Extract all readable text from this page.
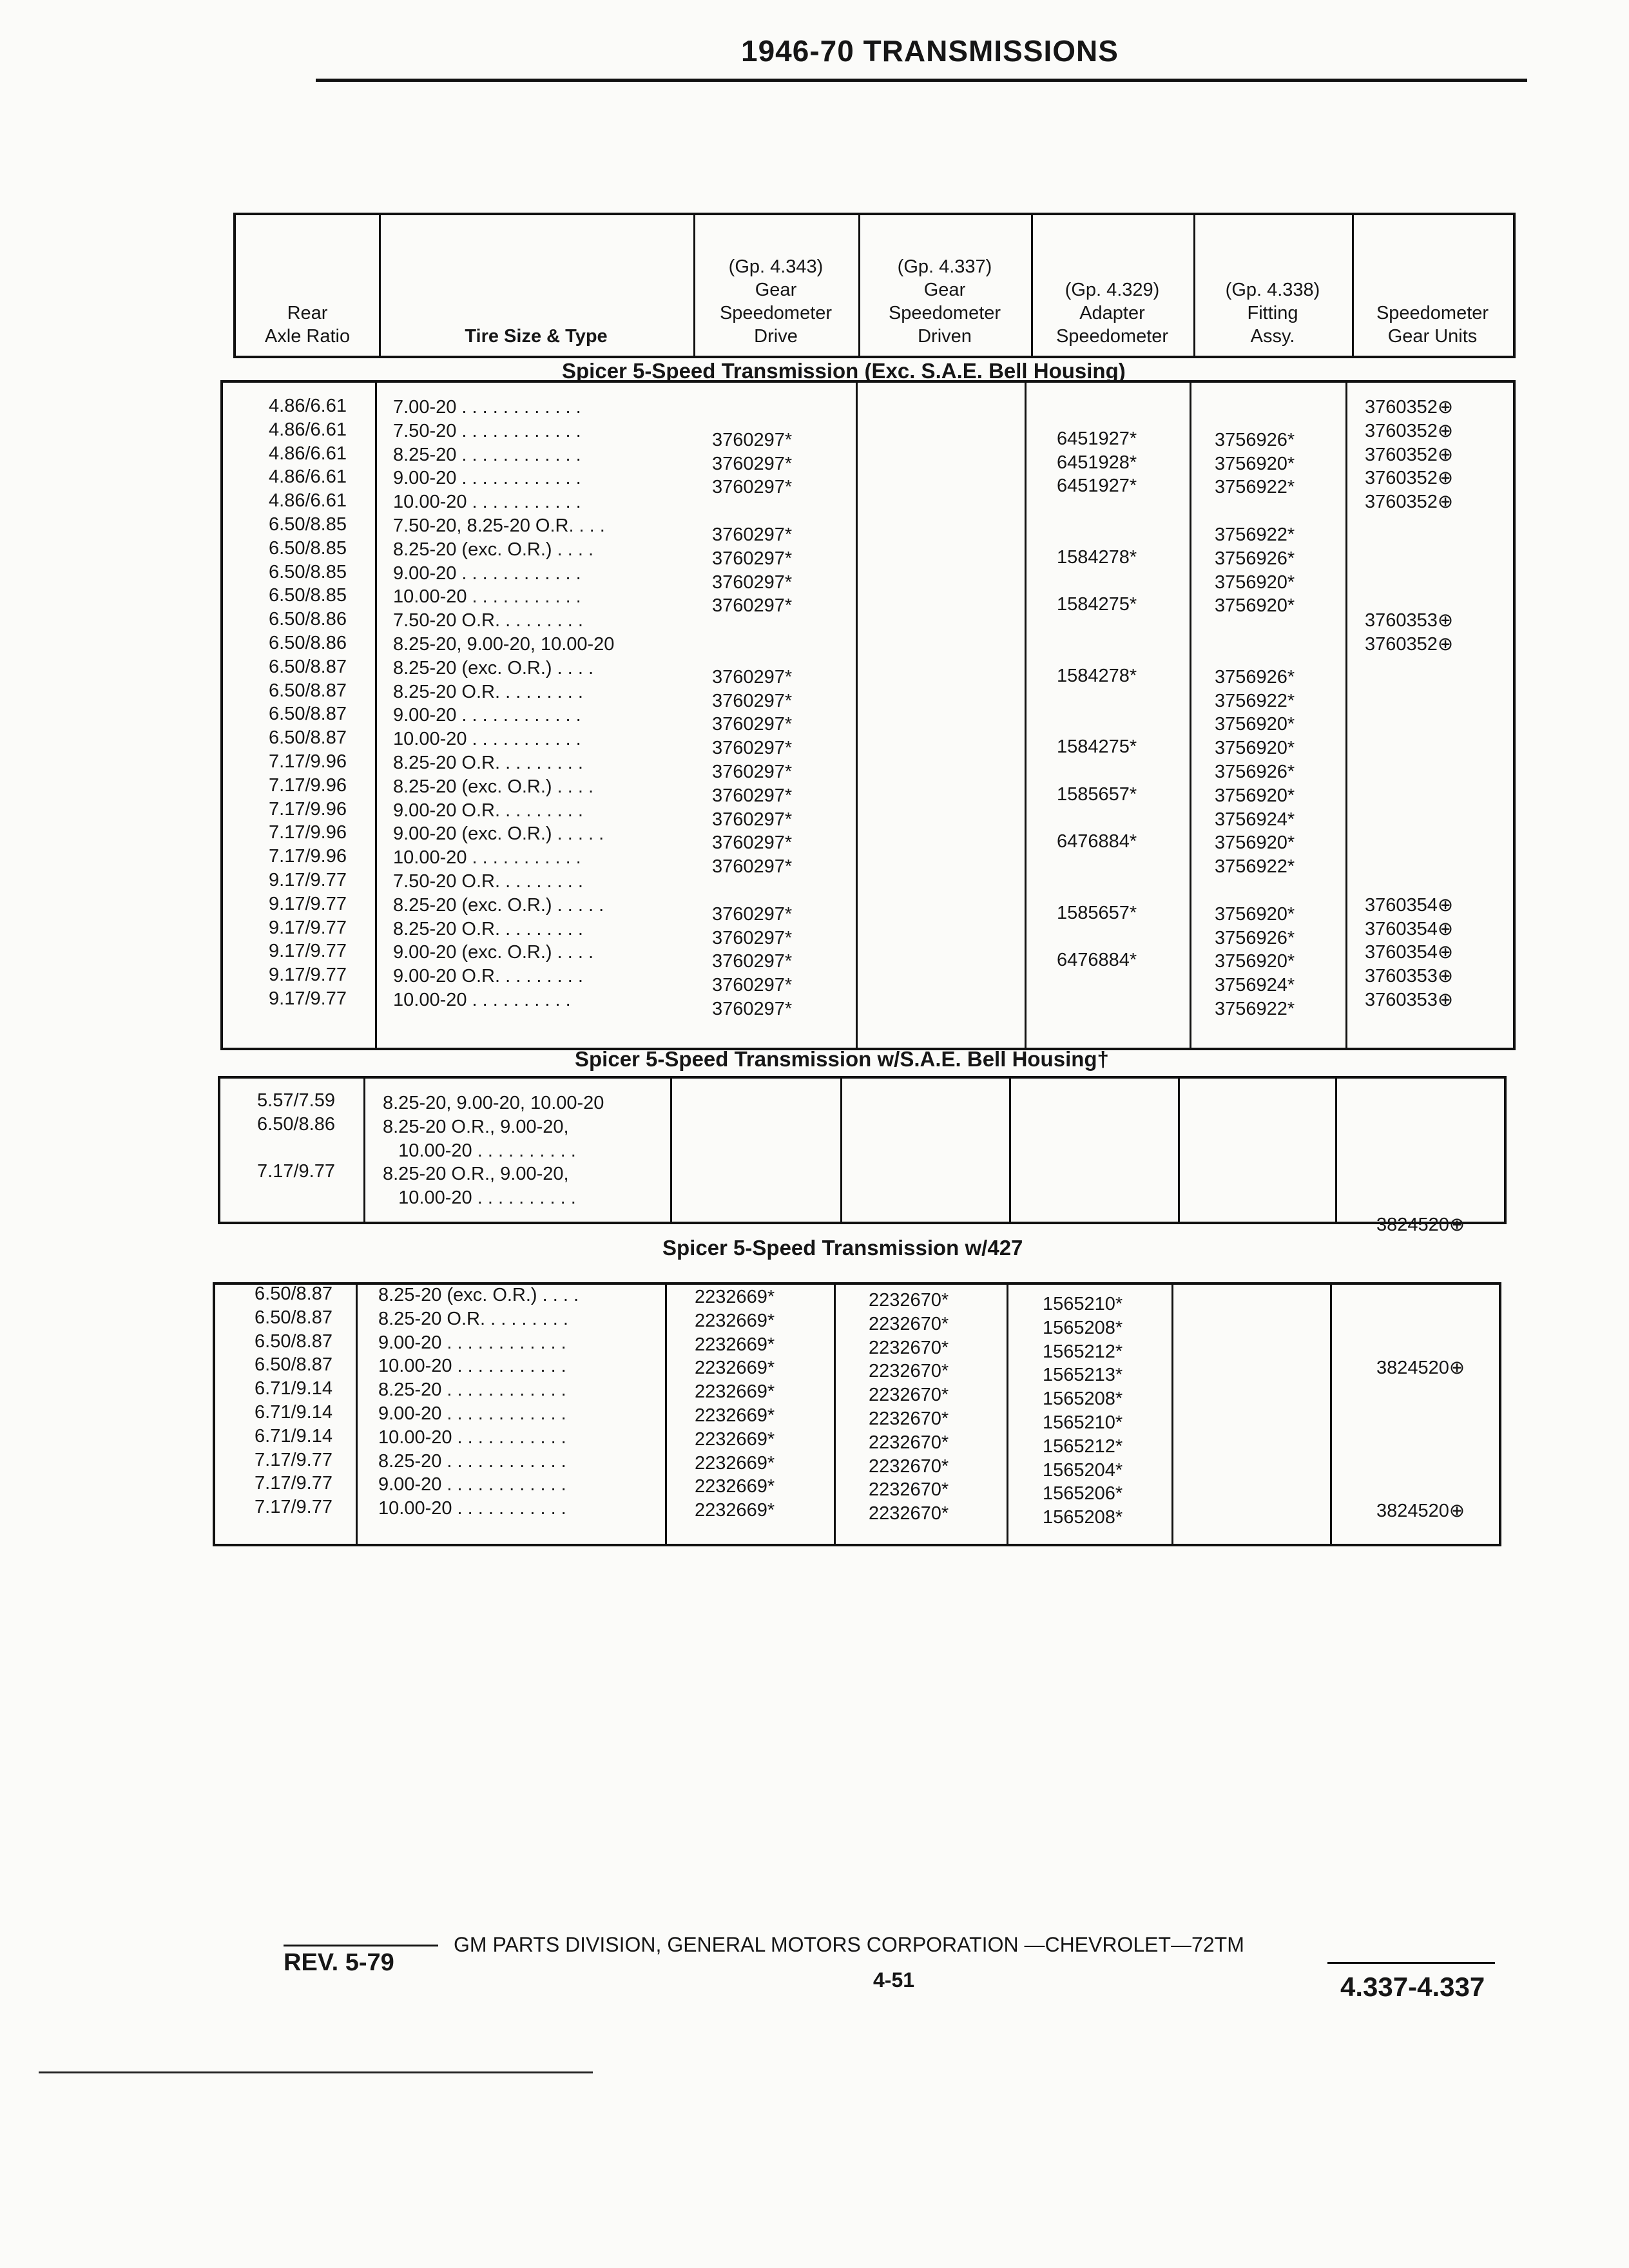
1946-70 TRANSMISSIONS
Rear
Axle Ratio	Tire Size & Type
(Gp. 4.343)
Gear
Speedometer
Drive
(Gp. 4.337)
Gear
Speedometer
Driven
(Gp. 4.329)
Adapter
Speedometer
(Gp. 4.338)
Fitting
Assy.
Speedometer
Gear Units
Spicer 5-Speed Transmission (Exc. S.A.E. Bell Housing)
4.86/6.61
4.86/6.61
4.86/6.61
4.86/6.61
4.86/6.61
6.50/8.85
6.50/8.85
6.50/8.85
6.50/8.85
6.50/8.86
6.50/8.86
6.50/8.87
6.50/8.87
6.50/8.87
6.50/8.87
7.17/9.96
7.17/9.96
7.17/9.96
7.17/9.96
7.17/9.96
9.17/9.77
9.17/9.77
9.17/9.77
9.17/9.77
9.17/9.77
9.17/9.77
7.00-20 . . . . . . . . . . . .
7.50-20 . . . . . . . . . . . .
8.25-20 . . . . . . . . . . . .
9.00-20 . . . . . . . . . . . .
10.00-20 . . . . . . . . . . .
7.50-20, 8.25-20 O.R. . . .
8.25-20 (exc. O.R.) . . . .
9.00-20 . . . . . . . . . . . .
10.00-20 . . . . . . . . . . .
7.50-20 O.R. . . . . . . . .
8.25-20, 9.00-20, 10.00-20
8.25-20 (exc. O.R.) . . . .
8.25-20 O.R. . . . . . . . .
9.00-20 . . . . . . . . . . . .
10.00-20 . . . . . . . . . . .
8.25-20 O.R. . . . . . . . .
8.25-20 (exc. O.R.) . . . .
9.00-20 O.R. . . . . . . . .
9.00-20 (exc. O.R.) . . . . .
10.00-20 . . . . . . . . . . .
7.50-20 O.R. . . . . . . . .
8.25-20 (exc. O.R.) . . . . .
8.25-20 O.R. . . . . . . . .
9.00-20 (exc. O.R.) . . . .
9.00-20 O.R. . . . . . . . .
10.00-20 . . . . . . . . . .
3760297*
3760297*
3760297*
3760297*
3760297*
3760297*
3760297*
3760297*
3760297*
3760297*
3760297*
3760297*
3760297*
3760297*
3760297*
3760297*
3760297*
3760297*
3760297*
3760297*
3760297*
6451927*
6451928*
6451927*
1584278*
1584275*
1584278*
1584275*
1585657*
6476884*
1585657*
6476884*
3756926*
3756920*
3756922*
3756922*
3756926*
3756920*
3756920*
3756926*
3756922*
3756920*
3756920*
3756926*
3756920*
3756924*
3756920*
3756922*
3756920*
3756926*
3756920*
3756924*
3756922*
3760352⊕
3760352⊕
3760352⊕
3760352⊕
3760352⊕
3760353⊕
3760352⊕
3760354⊕
3760354⊕
3760354⊕
3760353⊕
3760353⊕
Spicer 5-Speed Transmission w/S.A.E. Bell Housing†
5.57/7.59
6.50/8.86
7.17/9.77
8.25-20, 9.00-20, 10.00-20
8.25-20 O.R., 9.00-20,
10.00-20 . . . . . . . . . .
8.25-20 O.R., 9.00-20,
10.00-20 . . . . . . . . . .

3824520⊕

3824520⊕

3824520⊕

Spicer 5-Speed Transmission w/427
6.50/8.87
6.50/8.87
6.50/8.87
6.50/8.87
6.71/9.14
6.71/9.14
6.71/9.14
7.17/9.77
7.17/9.77
7.17/9.77
8.25-20 (exc. O.R.) . . . .
8.25-20 O.R. . . . . . . . .
9.00-20 . . . . . . . . . . . .
10.00-20 . . . . . . . . . . .
8.25-20 . . . . . . . . . . . .
9.00-20 . . . . . . . . . . . .
10.00-20 . . . . . . . . . . .
8.25-20 . . . . . . . . . . . .
9.00-20 . . . . . . . . . . . .
10.00-20 . . . . . . . . . . .
2232669*
2232669*
2232669*
2232669*
2232669*
2232669*
2232669*
2232669*
2232669*
2232669*
2232670*
2232670*
2232670*
2232670*
2232670*
2232670*
2232670*
2232670*
2232670*
2232670*
1565210*
1565208*
1565212*
1565213*
1565208*
1565210*
1565212*
1565204*
1565206*
1565208*
GM PARTS DIVISION, GENERAL MOTORS CORPORATION —CHEVROLET—72TM
REV. 5-79
4-51	4.337-4.337
